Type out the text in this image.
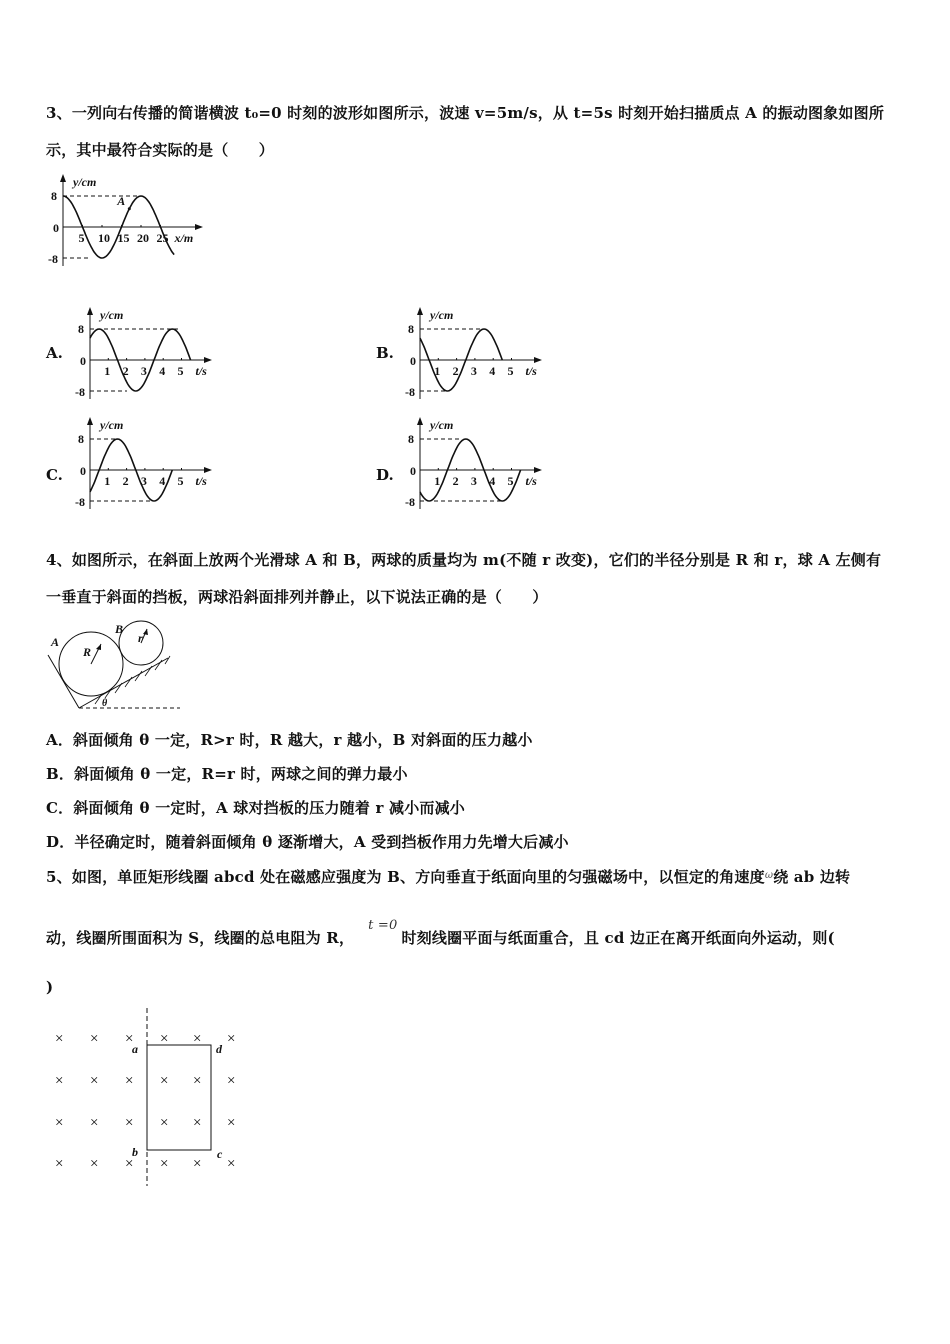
3、一列向右传播的简谐横波 t₀=0 时刻的波形如图所示，波速 v=5m/s，从 t=5s 时刻开始扫描质点 A 的振动图象如图所
示，其中最符合实际的是（　　）
8
0
-8
y/cm
5 10 15 20 25 x/m
A
A.	B.
C.	D.
8
0
-8
y/cm
1 2 3 4 5 t/s
8
0
-8
y/cm
1 2 3 4 5 t/s
8
0
-8
y/cm
1 2 3 4 5 t/s
8
0
-8
y/cm
1 2 3 4 5 t/s
4、如图所示，在斜面上放两个光滑球 A 和 B，两球的质量均为 m(不随 r 改变)，它们的半径分别是 R 和 r，球 A 左侧有
一垂直于斜面的挡板，两球沿斜面排列并静止，以下说法正确的是（　　）
A
B
R
r
θ
A．斜面倾角 θ 一定，R>r 时，R 越大，r 越小，B 对斜面的压力越小
B．斜面倾角 θ 一定，R=r 时，两球之间的弹力最小
C．斜面倾角 θ 一定时，A 球对挡板的压力随着 r 减小而减小
D．半径确定时，随着斜面倾角 θ 逐渐增大，A 受到挡板作用力先增大后减小
5、如图，单匝矩形线圈 abcd 处在磁感应强度为 B、方向垂直于纸面向里的匀强磁场中，以恒定的角速度$^\omega$绕 ab 边转
动，线圈所围面积为 S，线圈的总电阻为 R，t =0时刻线圈平面与纸面重合，且 cd 边正在离开纸面向外运动，则(
)
a	d
b	c
× × × × × ×
× × × × × ×
× × × × × ×
× × × × × ×
